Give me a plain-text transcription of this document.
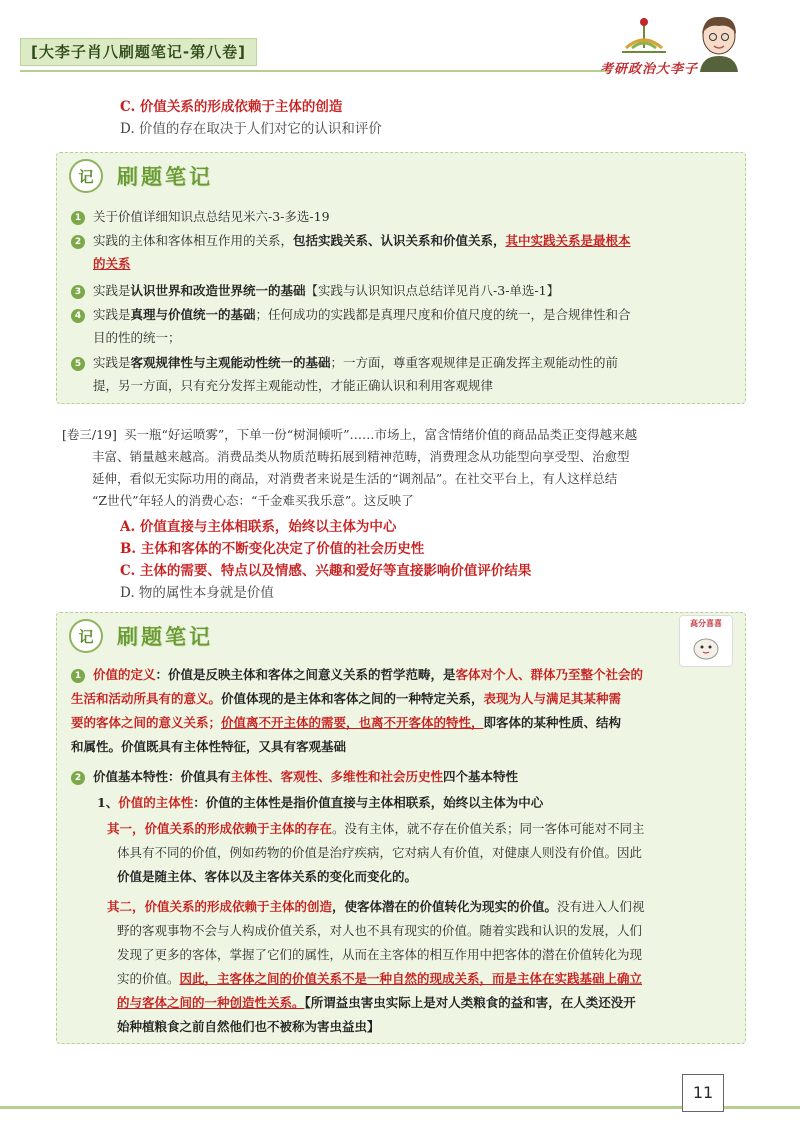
[大李子肖八刷题笔记-第八卷]
考研政治大李子
C. 价值关系的形成依赖于主体的创造
D. 价值的存在取决于人们对它的认识和评价
记	刷题笔记
1 关于价值详细知识点总结见米六-3-多选-19
2 实践的主体和客体相互作用的关系，包括实践关系、认识关系和价值关系，其中实践关系是最根本
的关系
3 实践是认识世界和改造世界统一的基础【实践与认识知识点总结详见肖八-3-单选-1】
4 实践是真理与价值统一的基础；任何成功的实践都是真理尺度和价值尺度的统一，是合规律性和合
目的性的统一；
5 实践是客观规律性与主观能动性统一的基础；一方面，尊重客观规律是正确发挥主观能动性的前
提，另一方面，只有充分发挥主观能动性，才能正确认识和利用客观规律
[卷三/19] 买一瓶“好运喷雾”，下单一份“树洞倾听”……市场上，富含情绪价值的商品品类正变得越来越
丰富、销量越来越高。消费品类从物质范畴拓展到精神范畴，消费理念从功能型向享受型、治愈型
延伸，看似无实际功用的商品，对消费者来说是生活的“调剂品”。在社交平台上，有人这样总结
“Z世代”年轻人的消费心态：“千金难买我乐意”。这反映了
A. 价值直接与主体相联系，始终以主体为中心
B. 主体和客体的不断变化决定了价值的社会历史性
C. 主体的需要、特点以及情感、兴趣和爱好等直接影响价值评价结果
D. 物的属性本身就是价值
记	刷题笔记
高分喜喜
1 价值的定义：价值是反映主体和客体之间意义关系的哲学范畴，是客体对个人、群体乃至整个社会的
生活和活动所具有的意义。价值体现的是主体和客体之间的一种特定关系，表现为人与满足其某种需
要的客体之间的意义关系；价值离不开主体的需要，也离不开客体的特性，即客体的某种性质、结构
和属性。价值既具有主体性特征，又具有客观基础
2 价值基本特性：价值具有主体性、客观性、多维性和社会历史性四个基本特性
1、价值的主体性：价值的主体性是指价值直接与主体相联系，始终以主体为中心
其一，价值关系的形成依赖于主体的存在。没有主体，就不存在价值关系；同一客体可能对不同主
体具有不同的价值，例如药物的价值是治疗疾病，它对病人有价值，对健康人则没有价值。因此
价值是随主体、客体以及主客体关系的变化而变化的。
其二，价值关系的形成依赖于主体的创造，使客体潜在的价值转化为现实的价值。没有进入人们视
野的客观事物不会与人构成价值关系，对人也不具有现实的价值。随着实践和认识的发展，人们
发现了更多的客体，掌握了它们的属性，从而在主客体的相互作用中把客体的潜在价值转化为现
实的价值。因此，主客体之间的价值关系不是一种自然的现成关系，而是主体在实践基础上确立
的与客体之间的一种创造性关系。【所谓益虫害虫实际上是对人类粮食的益和害，在人类还没开
始种植粮食之前自然他们也不被称为害虫益虫】
11
